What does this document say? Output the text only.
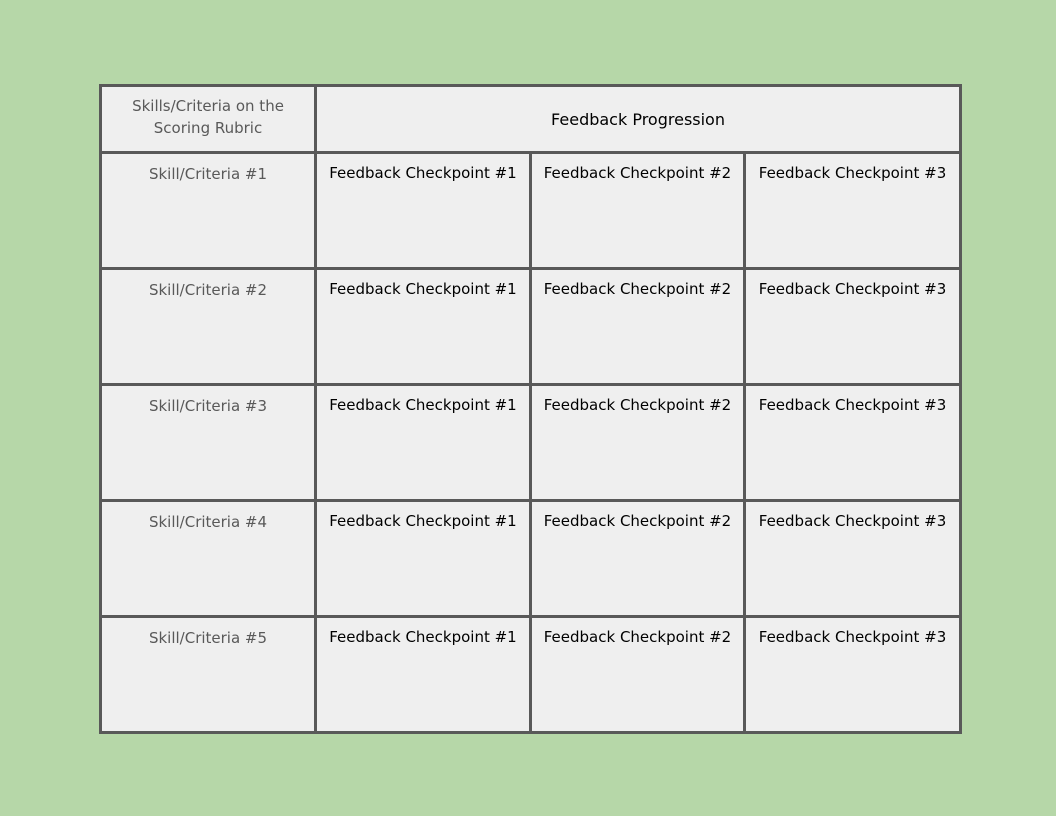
Skills/Criteria on the Scoring Rubric	Feedback Progression		
Skill/Criteria #1	Feedback Checkpoint #1	Feedback Checkpoint #2	Feedback Checkpoint #3
Skill/Criteria #2	Feedback Checkpoint #1	Feedback Checkpoint #2	Feedback Checkpoint #3
Skill/Criteria #3	Feedback Checkpoint #1	Feedback Checkpoint #2	Feedback Checkpoint #3
Skill/Criteria #4	Feedback Checkpoint #1	Feedback Checkpoint #2	Feedback Checkpoint #3
Skill/Criteria #5	Feedback Checkpoint #1	Feedback Checkpoint #2	Feedback Checkpoint #3
